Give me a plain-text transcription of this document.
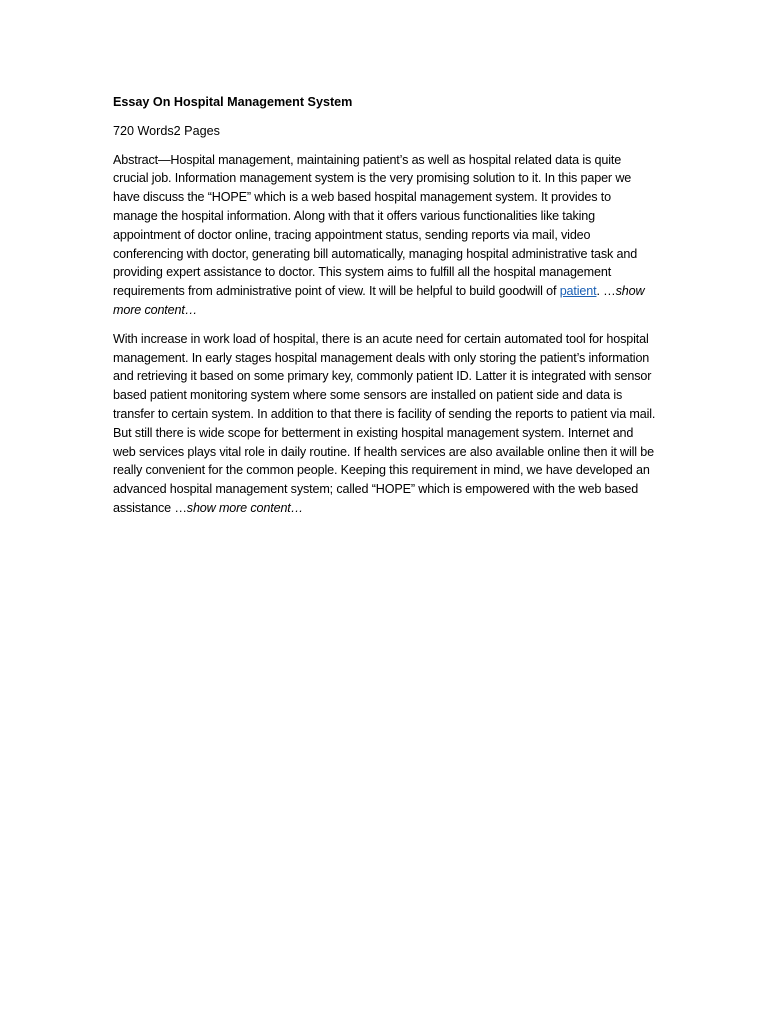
Essay On Hospital Management System
720 Words2 Pages

Abstract—Hospital management, maintaining patient’s as well as hospital related data is quite crucial job. Information management system is the very promising solution to it. In this paper we have discuss the “HOPE” which is a web based hospital management system. It provides to manage the hospital information. Along with that it offers various functionalities like taking appointment of doctor online, tracing appointment status, sending reports via mail, video conferencing with doctor, generating bill automatically, managing hospital administrative task and providing expert assistance to doctor. This system aims to fulfill all the hospital management requirements from administrative point of view. It will be helpful to build goodwill of patient. …show more content…

With increase in work load of hospital, there is an acute need for certain automated tool for hospital management. In early stages hospital management deals with only storing the patient’s information and retrieving it based on some primary key, commonly patient ID. Latter it is integrated with sensor based patient monitoring system where some sensors are installed on patient side and data is transfer to certain system. In addition to that there is facility of sending the reports to patient via mail. But still there is wide scope for betterment in existing hospital management system. Internet and web services plays vital role in daily routine. If health services are also available online then it will be really convenient for the common people. Keeping this requirement in mind, we have developed an advanced hospital management system; called “HOPE” which is empowered with the web based assistance …show more content…
